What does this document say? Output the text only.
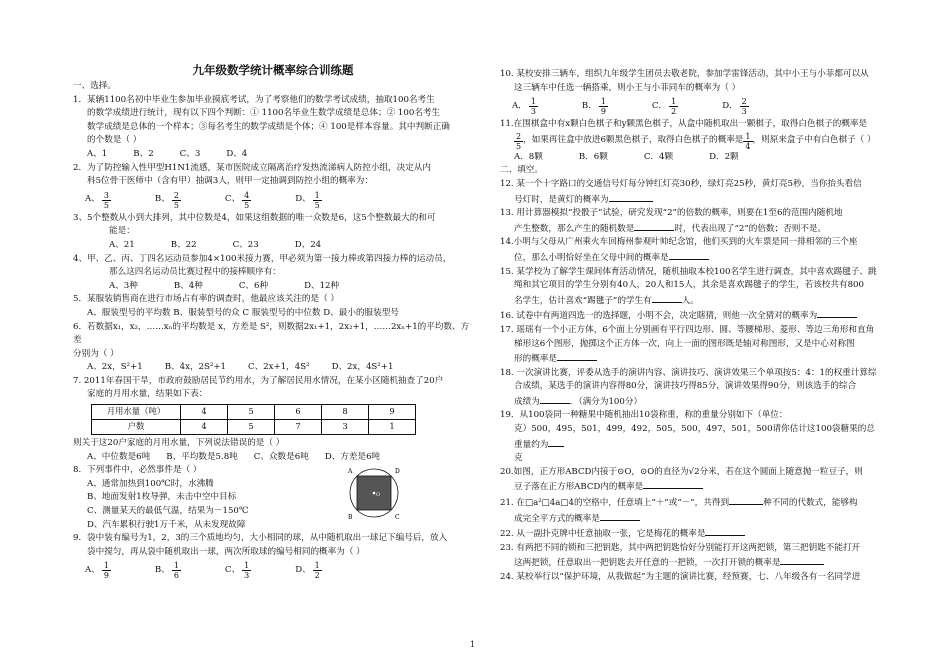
九年级数学统计概率综合训练题

一、选择。

1．某辆1100名初中毕业生参加毕业摸底考试，为了考察他们的数学考试成绩，抽取100名考生

的数学成绩进行统计，现有以下四个判断：① 1100名毕业生数学成绩是总体；② 100名考生

数学成绩是总体的一个样本；③每名考生的数学成绩是个体；④ 100是样本容量。其中判断正确

的个数是（ ）

A、1	B、2	C、3	D、4

2．为了防控输入性甲型H1N1流感，某市医院成立隔离治疗发热流涕病人防控小组，决定从内

科5位骨干医师中（含有甲）抽调3人，则甲一定抽调到防控小组的概率为：

A、 $\frac{3}{5}$	B、 $\frac{2}{5}$	C、 $\frac{4}{5}$	D、 $\frac{1}{5}$

3、5个整数从小到大排列，其中位数是4，如果这组数据的唯一众数是6，这5个整数最大的和可

能是：

A、21	B、22	C、23	D、24

4、甲、乙、丙、丁四名运动员参加4×100米接力赛，甲必须为第一接力棒或第四接力棒的运动员，

那么这四名运动员比赛过程中的接棒顺序有：

A、3种	B、4种	C、6种	D、12种

5．某服装销售商在进行市场占有率的调查时，他最应该关注的是（ ）

A、服装型号的平均数 B、服装型号的众 C 服装型号的中位数 D、最小的服装型号

6．若数据x₁，x₂，……xₙ的平均数是 x，方差是 S²，则数据2x₁+1，2x₂+1，……2xₙ+1的平均数、方差

分别为（ ）

A、2x，S²+1	B、4x，2S²+1	C、2x+1，4S²	D、2x，4S²+1

7. 2011年春国干旱，市政府鼓励居民节约用水，为了解居民用水情况，在某小区随机抽查了20户

家庭的月用水量，结果如下表：

月用水量（吨）	4	5	6	8	9
户数	4	5	7	3	1

则关于这20户家庭的月用水量，下列说法错误的是（ ）

A、中位数是6吨 B、平均数是5.8吨 C、众数是6吨 D、方差是6吨

8．下列事件中，必然事件是（ ）

A、通常加热到100℃时，水沸腾

B、地面发射1枚导弹，未击中空中目标

C、测量某天的最低气温，结果为－150℃

D、汽车累积行驶1万千米，从未发现故障

9．袋中装有编号为1，2，3的三个质地均匀，大小相同的球，从中随机取出一球记下编号后，放入

袋中搅匀，再从袋中随机取出一球，两次所取球的编号相同的概率为（ ）

A、 $\frac{1}{9}$	B、 $\frac{1}{6}$	C、 $\frac{1}{3}$	D、 $\frac{1}{2}$
A	D
B	C
O

10. 某校安排三辆车，组织九年级学生团员去敬老院，参加学雷锋活动，其中小王与小菲都可以从

这三辆车中任选一辆搭乘，则小王与小菲同车的概率为（ ）

A． $\frac{1}{3}$	B． $\frac{1}{9}$	C． $\frac{1}{2}$	D． $\frac{2}{3}$

11.在围棋盒中有x颗白色棋子和y颗黑色棋子，从盒中随机取出一颗棋子，取得白色棋子的概率是

$\frac{2}{5}$ ，如果再往盒中放进6颗黑色棋子，取得白色棋子的概率是 $\frac{1}{4}$ ，则原来盒子中有白色棋子（ ）

A．8颗	B．6颗	C．4颗	D．2颗

二、填空。

12. 某一个十字路口的交通信号灯每分钟红灯亮30秒，绿灯亮25秒，黄灯亮5秒，当你抬头看信

号灯时，是黄灯的概率为

13. 用计算器模拟“投骰子”试验，研究发现“2”的倍数的概率，则要在1至6的范围内随机地

产生整数，那么产生的随机数是	时，代表出现了“2”的倍数；否则不是。

14.小明与父母从广州乘火车回梅州参观叶帅纪念馆，他们买到的火车票是同一排相邻的三个座

位，那么小明恰好坐在父母中间的概率是

15. 某学校为了解学生课间体育活动情况，随机抽取本校100名学生进行调查，其中喜欢踢毽子、跳

绳和其它项目的学生分别有40人，20人和15人，其余是喜欢踢毽子的学生，若该校共有800

名学生，估计喜欢“踢毽子”的学生有	人。

16. 试卷中有两道四选一的选择题，小明不会，决定瞎猜，则他一次全猜对的概率为

17. 瑶瑶有一个小正方体，6个面上分别画有平行四边形、圆、等腰梯形、菱形、等边三角形和直角

梯形这6个图形，抛掷这个正方体一次，向上一面的图形既是轴对称图形，又是中心对称图

形的概率是

18. 一次演讲比赛，评委从选手的演讲内容、演讲技巧、演讲效果三个单项按5：4：1的权重计算综

合成绩，某选手的演讲内容得80分，演讲技巧得85分，演讲效果得90分，则该选手的综合

成绩为	．（满分为100分）

19．从100袋同一种糖果中随机抽出10袋称重，称的重量分别如下（单位：

克）500，495，501，499，492，505，500，497，501，500请你估计这100袋糖果的总重量约为

克

20.如图，正方形ABCD内接于⊙O，⊙O的直径为√2分米，若在这个圆面上随意抛一粒豆子，则

豆子落在正方形ABCD内的概率是

21. 在□a²□4a□4的空格中，任意填上“＋”或“－”，共得到	种不同的代数式，能够构

成完全平方式的概率是

22. 从一副扑克牌中任意抽取一张，它是梅花的概率是

23. 有两把不同的锁和三把钥匙，其中两把钥匙恰好分别能打开这两把锁，第三把钥匙不能打开

这两把锁，任意取出一把钥匙去开任意的一把锁，一次打开锁的概率是

24. 某校举行以“保护环境，从我做起”为主题的演讲比赛，经预赛，七、八年级各有一名同学进

1
